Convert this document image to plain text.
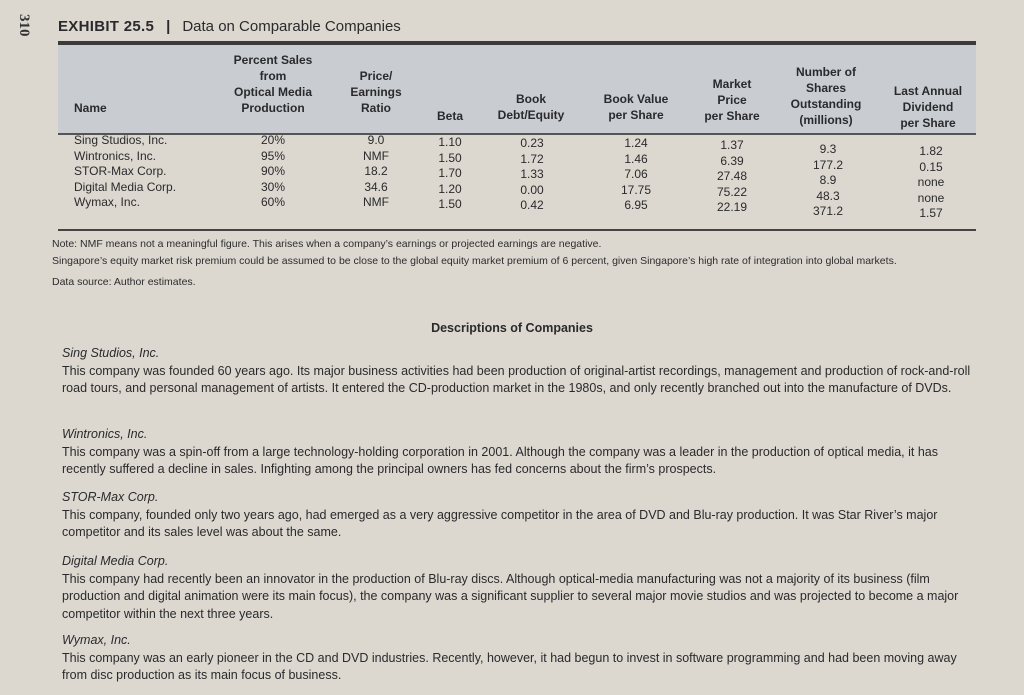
310 EXHIBIT 25.5 | Data on Comparable Companies
Name
Percent Sales
from
Optical Media
Production
Price/
Earnings
Ratio
Beta
Book
Debt/Equity
Book Value
per Share
Market
Price
per Share
Number of
Shares
Outstanding
(millions)
Last Annual
Dividend
per Share
Sing Studios, Inc.
Wintronics, Inc.
STOR-Max Corp.
Digital Media Corp.
Wymax, Inc.
20%
95%
90%
30%
60%
9.0
NMF
18.2
34.6
NMF
1.10
1.50
1.70
1.20
1.50
0.23
1.72
1.33
0.00
0.42
1.24
1.46
7.06
17.75
6.95
1.37
6.39
27.48
75.22
22.19
9.3
177.2
8.9
48.3
371.2
1.82
0.15
none
none
1.57

Note: NMF means not a meaningful figure. This arises when a company’s earnings or projected earnings are negative.

Singapore’s equity market risk premium could be assumed to be close to the global equity market premium of 6 percent, given Singapore’s high rate of integration into global markets.

Data source: Author estimates.

Descriptions of Companies

Sing Studios, Inc.

This company was founded 60 years ago. Its major business activities had been production of original-artist recordings, management and production of rock-and-roll road tours, and personal management of artists. It entered the CD-production market in the 1980s, and only recently branched out into the manufacture of DVDs.

Wintronics, Inc.

This company was a spin-off from a large technology-holding corporation in 2001. Although the company was a leader in the production of optical media, it has recently suffered a decline in sales. Infighting among the principal owners has fed concerns about the firm’s prospects.

STOR-Max Corp.

This company, founded only two years ago, had emerged as a very aggressive competitor in the area of DVD and Blu-ray production. It was Star River’s major competitor and its sales level was about the same.

Digital Media Corp.

This company had recently been an innovator in the production of Blu-ray discs. Although optical-media manufacturing was not a majority of its business (film production and digital animation were its main focus), the company was a significant supplier to several major movie studios and was projected to become a major competitor within the next three years.

Wymax, Inc.

This company was an early pioneer in the CD and DVD industries. Recently, however, it had begun to invest in software programming and had been moving away from disc production as its main focus of business.
